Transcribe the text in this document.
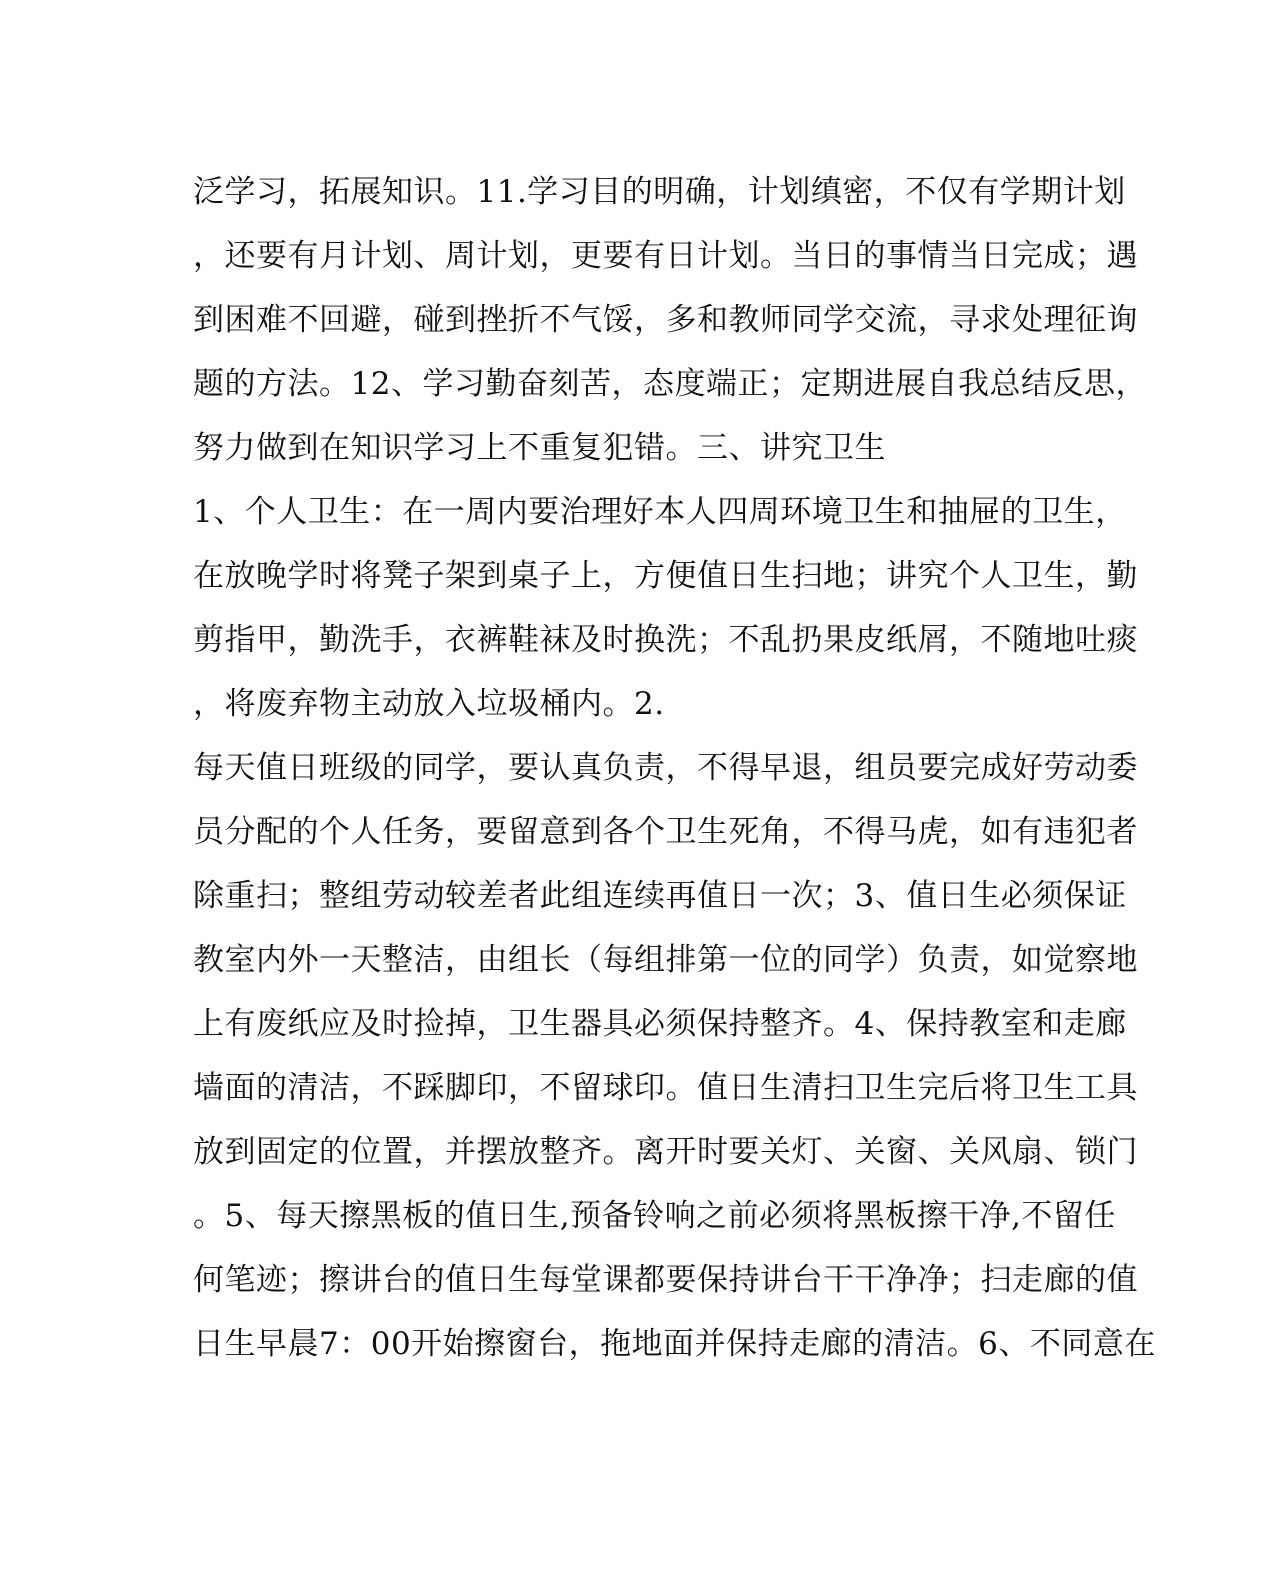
泛学习，拓展知识。11.学习目的明确，计划缜密，不仅有学期计划
，还要有月计划、周计划，更要有日计划。当日的事情当日完成；遇
到困难不回避，碰到挫折不气馁，多和教师同学交流，寻求处理征询
题的方法。12、学习勤奋刻苦，态度端正；定期进展自我总结反思，
努力做到在知识学习上不重复犯错。三、讲究卫生
1、个人卫生：在一周内要治理好本人四周环境卫生和抽屉的卫生，
在放晚学时将凳子架到桌子上，方便值日生扫地；讲究个人卫生，勤
剪指甲，勤洗手，衣裤鞋袜及时换洗；不乱扔果皮纸屑，不随地吐痰
，将废弃物主动放入垃圾桶内。2.
每天值日班级的同学，要认真负责，不得早退，组员要完成好劳动委
员分配的个人任务，要留意到各个卫生死角，不得马虎，如有违犯者
除重扫；整组劳动较差者此组连续再值日一次；3、值日生必须保证
教室内外一天整洁，由组长（每组排第一位的同学）负责，如觉察地
上有废纸应及时捡掉，卫生器具必须保持整齐。4、保持教室和走廊
墙面的清洁，不踩脚印，不留球印。值日生清扫卫生完后将卫生工具
放到固定的位置，并摆放整齐。离开时要关灯、关窗、关风扇、锁门
。5、每天擦黑板的值日生,预备铃响之前必须将黑板擦干净,不留任
何笔迹；擦讲台的值日生每堂课都要保持讲台干干净净；扫走廊的值
日生早晨7：00开始擦窗台，拖地面并保持走廊的清洁。6、不同意在
